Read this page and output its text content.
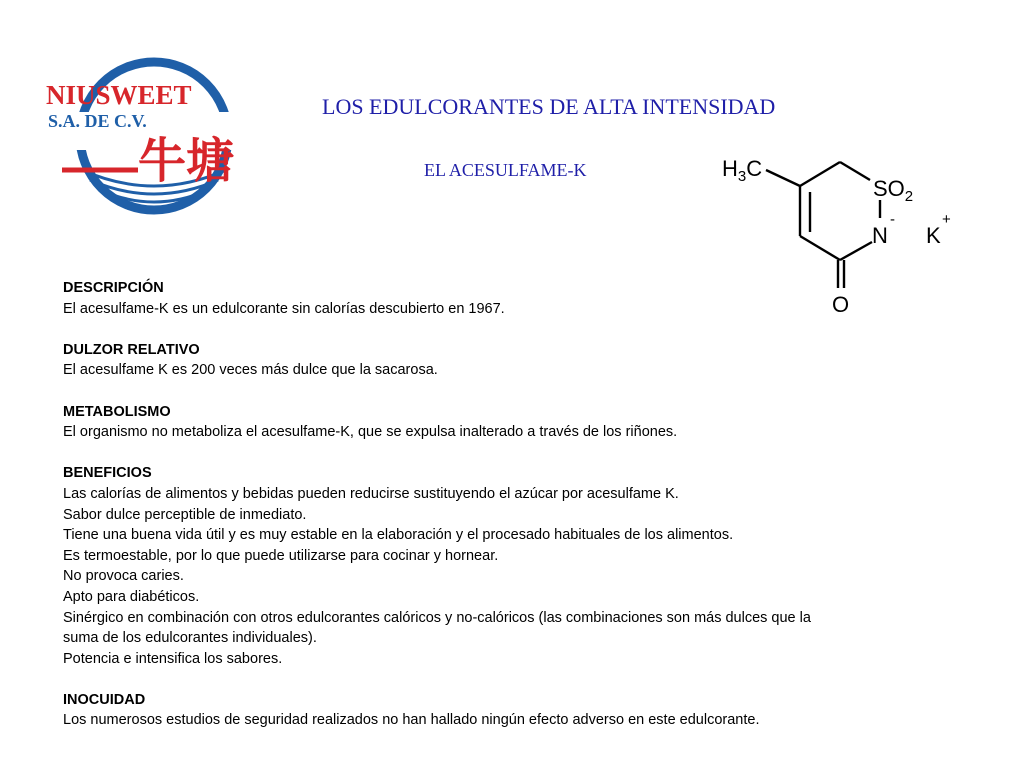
NIUSWEET
S.A. DE C.V.
牛塘
LOS EDULCORANTES DE ALTA INTENSIDAD
EL ACESULFAME-K	$H_3C$
$SO_2$
N
-
K
+
O
DESCRIPCIÓN
El acesulfame-K es un edulcorante sin calorías descubierto en 1967.
DULZOR RELATIVO
El acesulfame K es 200 veces más dulce que la sacarosa.
METABOLISMO
El organismo no metaboliza el acesulfame-K, que se expulsa inalterado a través de los riñones.
BENEFICIOS
Las calorías de alimentos y bebidas pueden reducirse sustituyendo el azúcar por acesulfame K.
Sabor dulce perceptible de inmediato.
Tiene una buena vida útil y es muy estable en la elaboración y el procesado habituales de los alimentos.
Es termoestable, por lo que puede utilizarse para cocinar y hornear.
No provoca caries.
Apto para diabéticos.
Sinérgico en combinación con otros edulcorantes calóricos y no-calóricos (las combinaciones son más dulces que la
suma de los edulcorantes individuales).
Potencia e intensifica los sabores.
INOCUIDAD
Los numerosos estudios de seguridad realizados no han hallado ningún efecto adverso en este edulcorante.
